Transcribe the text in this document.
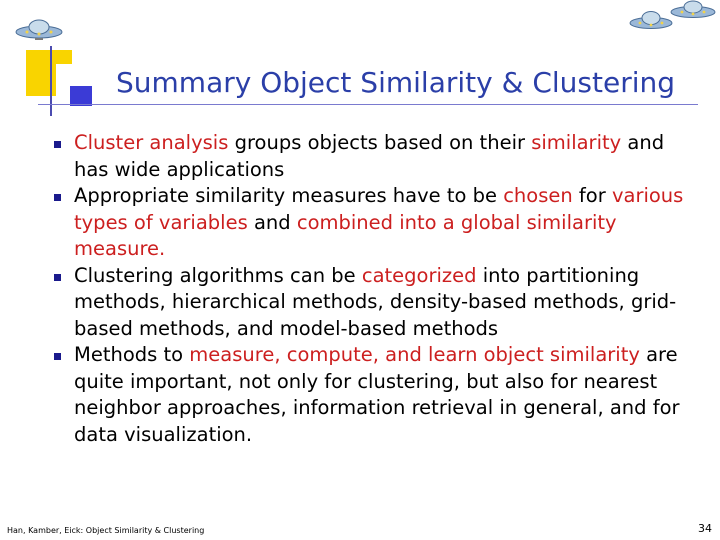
Summary Object Similarity & Clustering
Cluster analysis groups objects based on their similarity and has wide applications
Appropriate similarity measures have to be chosen for various types of variables and combined into a global similarity measure.
Clustering algorithms can be categorized into partitioning methods, hierarchical methods, density-based methods, grid-based methods, and model-based methods
Methods to measure, compute, and learn object similarity are quite important, not only for clustering, but also for nearest neighbor approaches, information retrieval in general, and for data visualization.
Han, Kamber, Eick: Object Similarity & Clustering	34
